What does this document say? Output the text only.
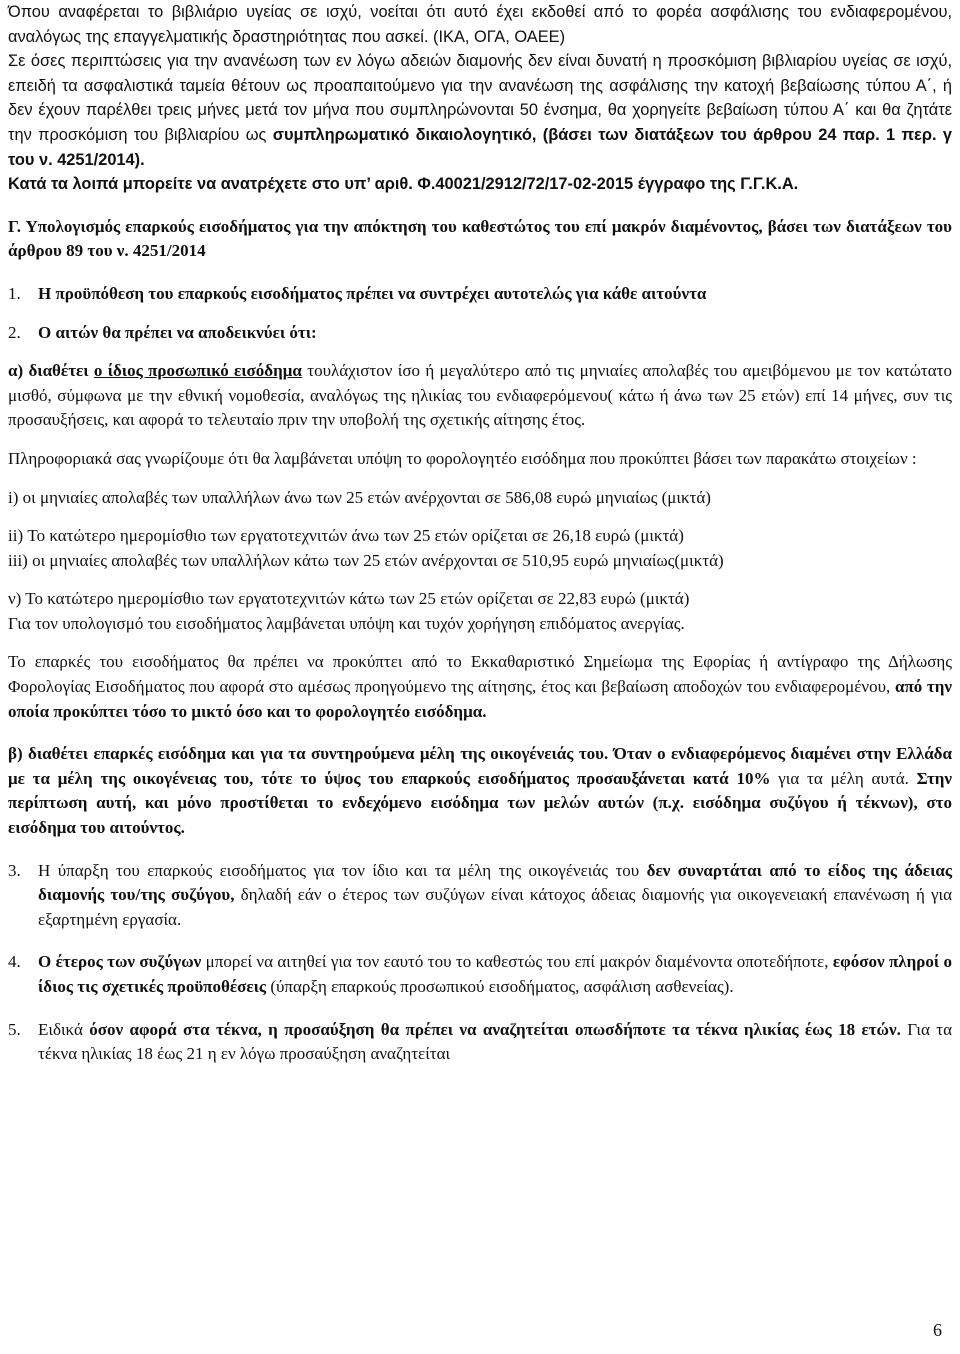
Όπου αναφέρεται το βιβλιάριο υγείας σε ισχύ, νοείται ότι αυτό έχει εκδοθεί από το φορέα ασφάλισης του ενδιαφερομένου, αναλόγως της επαγγελματικής δραστηριότητας που ασκεί. (ΙΚΑ, ΟΓΑ, ΟΑΕΕ)

Σε όσες περιπτώσεις για την ανανέωση των εν λόγω αδειών διαμονής δεν είναι δυνατή η προσκόμιση βιβλιαρίου υγείας σε ισχύ, επειδή τα ασφαλιστικά ταμεία θέτουν ως προαπαιτούμενο για την ανανέωση της ασφάλισης την κατοχή βεβαίωσης τύπου Α΄, ή δεν έχουν παρέλθει τρεις μήνες μετά τον μήνα που συμπληρώνονται 50 ένσημα, θα χορηγείτε βεβαίωση τύπου Α΄ και θα ζητάτε την προσκόμιση του βιβλιαρίου ως συμπληρωματικό δικαιολογητικό, (βάσει των διατάξεων του άρθρου 24 παρ. 1 περ. γ του ν. 4251/2014).

Κατά τα λοιπά μπορείτε να ανατρέχετε στο υπ’ αριθ. Φ.40021/2912/72/17-02-2015 έγγραφο της Γ.Γ.Κ.Α.

Γ. Υπολογισμός επαρκούς εισοδήματος για την απόκτηση του καθεστώτος του επί μακρόν διαμένοντος, βάσει των διατάξεων του άρθρου 89 του ν. 4251/2014

1.	Η προϋπόθεση του επαρκούς εισοδήματος πρέπει να συντρέχει αυτοτελώς για κάθε αιτούντα

2.	Ο αιτών θα πρέπει να αποδεικνύει ότι:

α) διαθέτει ο ίδιος προσωπικό εισόδημα τουλάχιστον ίσο ή μεγαλύτερο από τις μηνιαίες απολαβές του αμειβόμενου με τον κατώτατο μισθό, σύμφωνα με την εθνική νομοθεσία, αναλόγως της ηλικίας του ενδιαφερόμενου( κάτω ή άνω των 25 ετών) επί 14 μήνες, συν τις προσαυξήσεις, και αφορά το τελευταίο πριν την υποβολή της σχετικής αίτησης έτος.

Πληροφοριακά σας γνωρίζουμε ότι θα λαμβάνεται υπόψη το φορολογητέο εισόδημα που προκύπτει βάσει των παρακάτω στοιχείων :

i) οι μηνιαίες απολαβές των υπαλλήλων άνω των 25 ετών ανέρχονται σε 586,08 ευρώ μηνιαίως (μικτά)

ii) Το κατώτερο ημερομίσθιο των εργατοτεχνιτών άνω των 25 ετών ορίζεται σε 26,18 ευρώ (μικτά)

iii) οι μηνιαίες απολαβές των υπαλλήλων κάτω των 25 ετών ανέρχονται σε 510,95 ευρώ μηνιαίως(μικτά)

ν) Το κατώτερο ημερομίσθιο των εργατοτεχνιτών κάτω των 25 ετών ορίζεται σε 22,83 ευρώ (μικτά)

Για τον υπολογισμό του εισοδήματος λαμβάνεται υπόψη και τυχόν χορήγηση επιδόματος ανεργίας.

Το επαρκές του εισοδήματος θα πρέπει να προκύπτει από το Εκκαθαριστικό Σημείωμα της Εφορίας ή αντίγραφο της Δήλωσης Φορολογίας Εισοδήματος που αφορά στο αμέσως προηγούμενο της αίτησης, έτος και βεβαίωση αποδοχών του ενδιαφερομένου, από την οποία προκύπτει τόσο το μικτό όσο και το φορολογητέο εισόδημα.

β) διαθέτει επαρκές εισόδημα και για τα συντηρούμενα μέλη της οικογένειάς του. Όταν ο ενδιαφερόμενος διαμένει στην Ελλάδα με τα μέλη της οικογένειας του, τότε το ύψος του επαρκούς εισοδήματος προσαυξάνεται κατά 10% για τα μέλη αυτά. Στην περίπτωση αυτή, και μόνο προστίθεται το ενδεχόμενο εισόδημα των μελών αυτών (π.χ. εισόδημα συζύγου ή τέκνων), στο εισόδημα του αιτούντος.

3.	Η ύπαρξη του επαρκούς εισοδήματος για τον ίδιο και τα μέλη της οικογένειάς του δεν συναρτάται από το είδος της άδειας διαμονής του/της συζύγου, δηλαδή εάν ο έτερος των συζύγων είναι κάτοχος άδειας διαμονής για οικογενειακή επανένωση ή για εξαρτημένη εργασία.

4.	Ο έτερος των συζύγων μπορεί να αιτηθεί για τον εαυτό του το καθεστώς του επί μακρόν διαμένοντα οποτεδήποτε, εφόσον πληροί ο ίδιος τις σχετικές προϋποθέσεις (ύπαρξη επαρκούς προσωπικού εισοδήματος, ασφάλιση ασθενείας).

5.	Ειδικά όσον αφορά στα τέκνα, η προσαύξηση θα πρέπει να αναζητείται οπωσδήποτε τα τέκνα ηλικίας έως 18 ετών. Για τα τέκνα ηλικίας 18 έως 21 η εν λόγω προσαύξηση αναζητείται

6
